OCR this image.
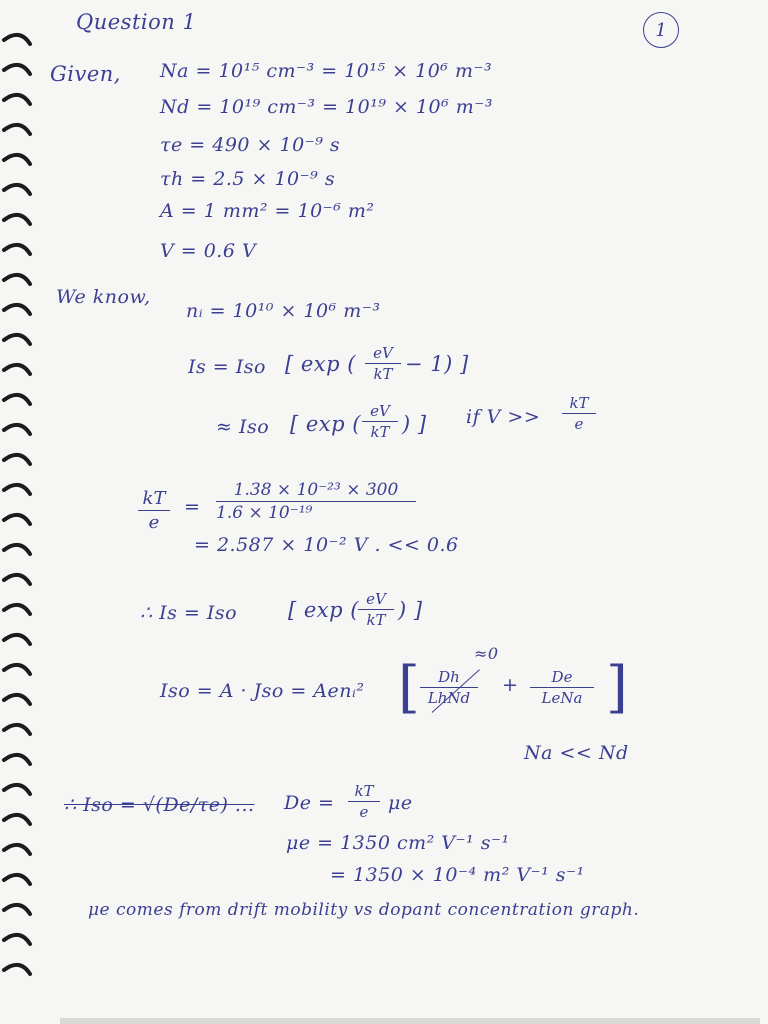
Question 1	1
Given, Na = 10¹⁵ cm⁻³ = 10¹⁵ × 10⁶ m⁻³
Nd = 10¹⁹ cm⁻³ = 10¹⁹ × 10⁶ m⁻³
τe = 490 × 10⁻⁹ s
τh = 2.5 × 10⁻⁹ s
A = 1 mm² = 10⁻⁶ m²
V = 0.6 V
We know,
nᵢ = 10¹⁰ × 10⁶ m⁻³
Is = Iso [ exp ( eV
kT − 1) ]
≈ Iso [ exp (
eV
kT ) ] if V >>
kT
e
kT
e
=
1.38 × 10⁻²³ × 300
1.6 × 10⁻¹⁹
= 2.587 × 10⁻² V . << 0.6
∴ Is = Iso [ exp ( eV
kT ) ]
Iso = A · Jso = Aenᵢ² [ Dh
LhNd
≈0
+ De
LeNa ]
Na << Nd
∴ Iso = √(De/τe) ... De =
kT
e μe
μe = 1350 cm² V⁻¹ s⁻¹
= 1350 × 10⁻⁴ m² V⁻¹ s⁻¹
μe comes from drift mobility vs dopant concentration graph.
